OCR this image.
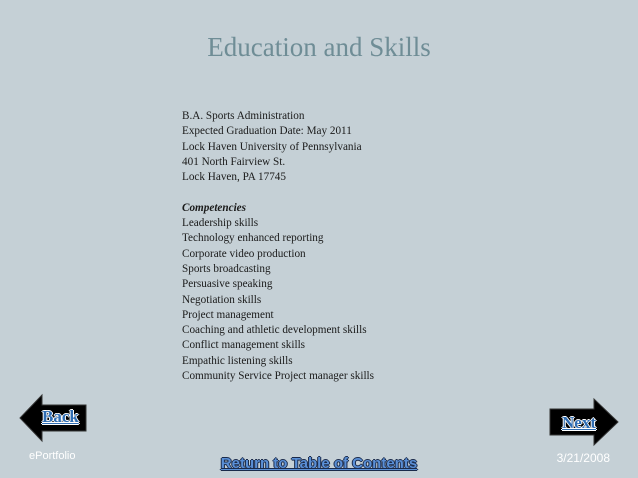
Education and Skills
B.A. Sports Administration
Expected Graduation Date: May 2011
Lock Haven University of Pennsylvania
401 North Fairview St.
Lock Haven, PA 17745
Competencies
Leadership skills
Technology enhanced reporting
Corporate video production
Sports broadcasting
Persuasive speaking
Negotiation skills
Project management
Coaching and athletic development skills
Conflict management skills
Empathic listening skills
Community Service Project manager skills
Back	Next
ePortfolio	3/21/2008
Return to Table of Contents
